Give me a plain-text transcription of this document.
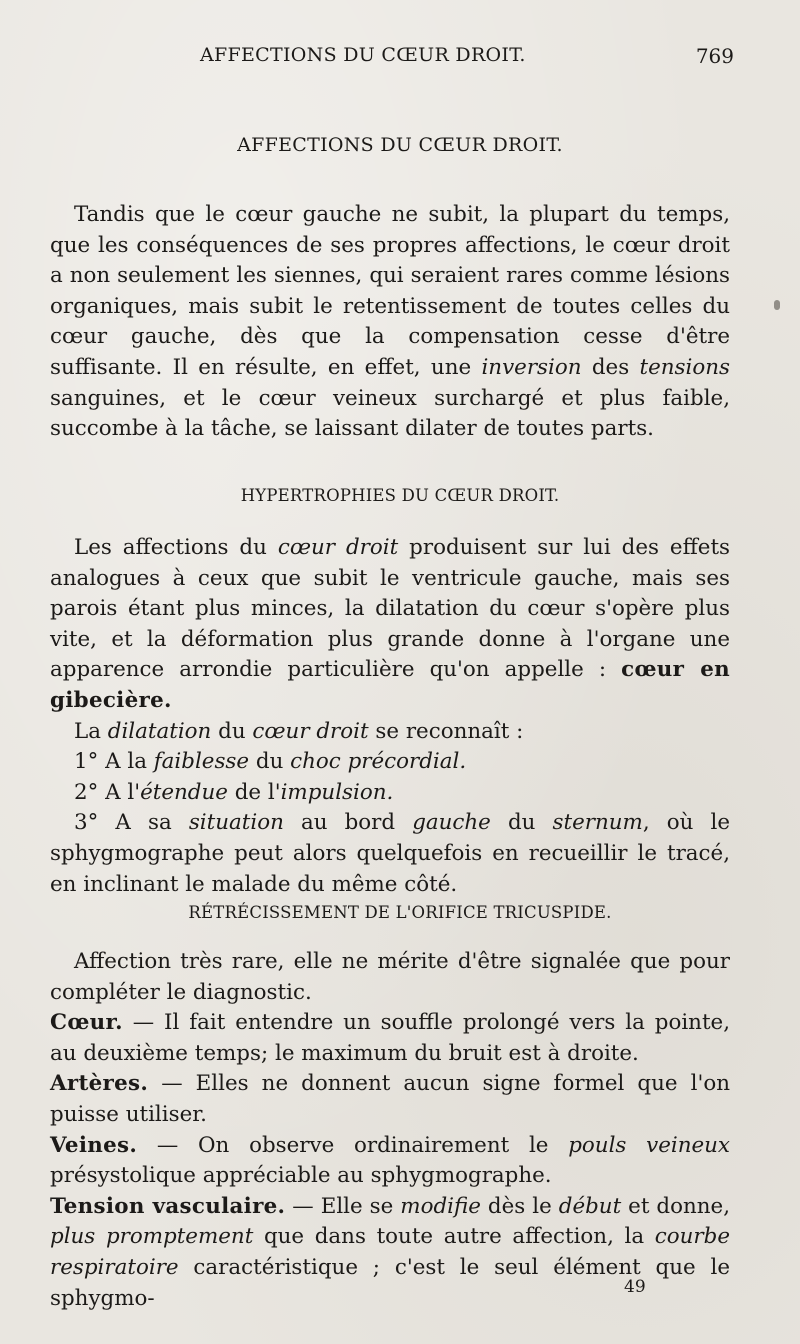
AFFECTIONS DU CŒUR DROIT.	769
AFFECTIONS DU CŒUR DROIT.

Tandis que le cœur gauche ne subit, la plupart du temps, que les conséquences de ses propres affections, le cœur droit a non seulement les siennes, qui seraient rares comme lésions organiques, mais subit le retentissement de toutes celles du cœur gauche, dès que la compensation cesse d'être suffisante. Il en résulte, en effet, une inversion des tensions sanguines, et le cœur veineux surchargé et plus faible, succombe à la tâche, se laissant dilater de toutes parts.

HYPERTROPHIES DU CŒUR DROIT.

Les affections du cœur droit produisent sur lui des effets analogues à ceux que subit le ventricule gauche, mais ses parois étant plus minces, la dilatation du cœur s'opère plus vite, et la déformation plus grande donne à l'organe une apparence arrondie particulière qu'on appelle : cœur en gibecière.

La dilatation du cœur droit se reconnaît :

1° A la faiblesse du choc précordial.

2° A l'étendue de l'impulsion.

3° A sa situation au bord gauche du sternum, où le sphygmographe peut alors quelquefois en recueillir le tracé, en inclinant le malade du même côté.

RÉTRÉCISSEMENT DE L'ORIFICE TRICUSPIDE.

Affection très rare, elle ne mérite d'être signalée que pour compléter le diagnostic.

Cœur. — Il fait entendre un souffle prolongé vers la pointe, au deuxième temps; le maximum du bruit est à droite.

Artères. — Elles ne donnent aucun signe formel que l'on puisse utiliser.

Veines. — On observe ordinairement le pouls veineux présystolique appréciable au sphygmographe.

Tension vasculaire. — Elle se modifie dès le début et donne, plus promptement que dans toute autre affection, la courbe respiratoire caractéristique ; c'est le seul élément que le sphygmo-	49
